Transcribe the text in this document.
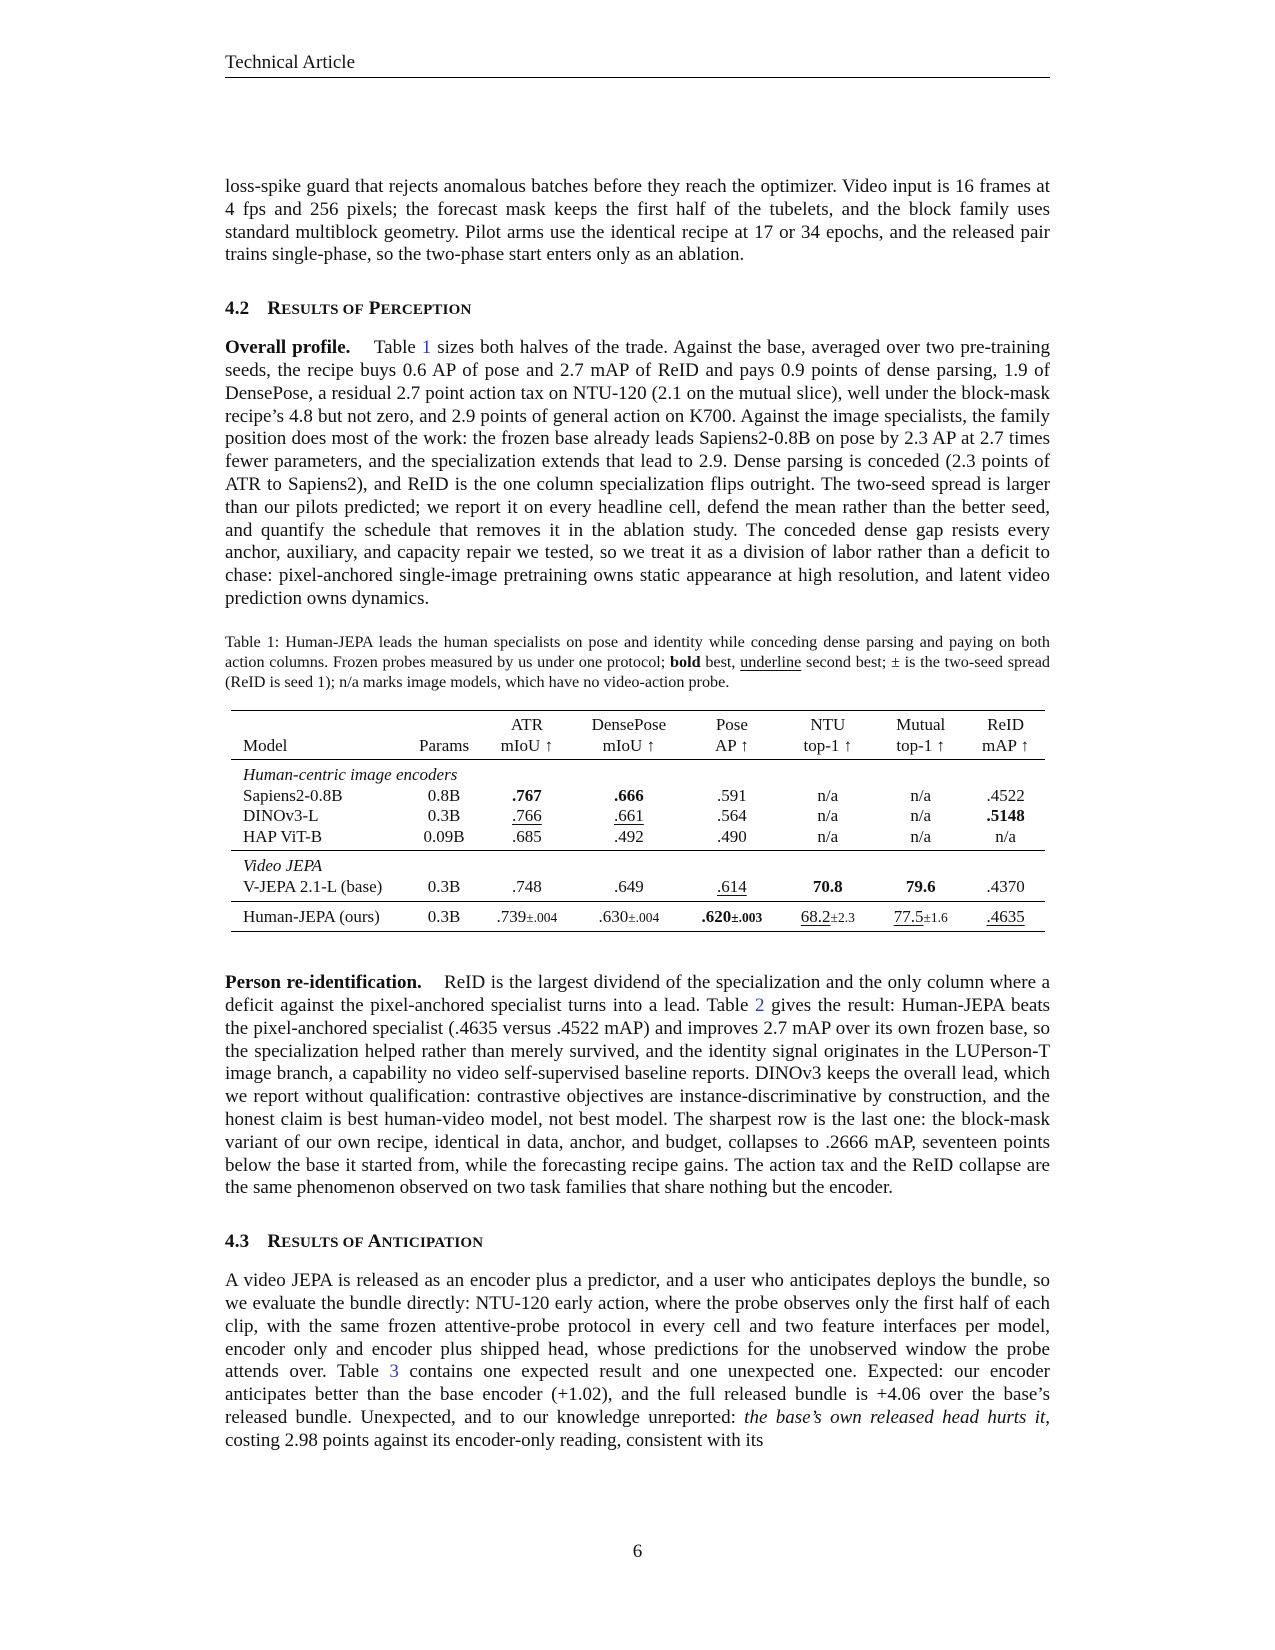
Technical Article

loss-spike guard that rejects anomalous batches before they reach the optimizer. Video input is 16 frames at 4 fps and 256 pixels; the forecast mask keeps the first half of the tubelets, and the block family uses standard multiblock geometry. Pilot arms use the identical recipe at 17 or 34 epochs, and the released pair trains single-phase, so the two-phase start enters only as an ablation.

4.2 RESULTS OF PERCEPTION

Overall profile. Table 1 sizes both halves of the trade. Against the base, averaged over two pre-training seeds, the recipe buys 0.6 AP of pose and 2.7 mAP of ReID and pays 0.9 points of dense parsing, 1.9 of DensePose, a residual 2.7 point action tax on NTU-120 (2.1 on the mutual slice), well under the block-mask recipe’s 4.8 but not zero, and 2.9 points of general action on K700. Against the image specialists, the family position does most of the work: the frozen base already leads Sapiens2-0.8B on pose by 2.3 AP at 2.7 times fewer parameters, and the specialization extends that lead to 2.9. Dense parsing is conceded (2.3 points of ATR to Sapiens2), and ReID is the one column specialization flips outright. The two-seed spread is larger than our pilots predicted; we report it on every headline cell, defend the mean rather than the better seed, and quantify the schedule that removes it in the ablation study. The conceded dense gap resists every anchor, auxiliary, and capacity repair we tested, so we treat it as a division of labor rather than a deficit to chase: pixel-anchored single-image pretraining owns static appearance at high resolution, and latent video prediction owns dynamics.

Table 1: Human-JEPA leads the human specialists on pose and identity while conceding dense parsing and paying on both action columns. Frozen probes measured by us under one protocol; bold best, underline second best; ± is the two-seed spread (ReID is seed 1); n/a marks image models, which have no video-action probe.

		ATR	DensePose	Pose	NTU	Mutual	ReID
Model	Params	mIoU ↑	mIoU ↑	AP ↑	top-1 ↑	top-1 ↑	mAP ↑
Human-centric image encoders							
Sapiens2-0.8B	0.8B	.767	.666	.591	n/a	n/a	.4522
DINOv3-L	0.3B	.766	.661	.564	n/a	n/a	.5148
HAP ViT-B	0.09B	.685	.492	.490	n/a	n/a	n/a
Video JEPA							
V-JEPA 2.1-L (base)	0.3B	.748	.649	.614	70.8	79.6	.4370
Human-JEPA (ours)	0.3B	.739±.004	.630±.004	.620±.003	68.2±2.3	77.5±1.6	.4635

Person re-identification. ReID is the largest dividend of the specialization and the only column where a deficit against the pixel-anchored specialist turns into a lead. Table 2 gives the result: Human-JEPA beats the pixel-anchored specialist (.4635 versus .4522 mAP) and improves 2.7 mAP over its own frozen base, so the specialization helped rather than merely survived, and the identity signal originates in the LUPerson-T image branch, a capability no video self-supervised baseline reports. DINOv3 keeps the overall lead, which we report without qualification: contrastive objectives are instance-discriminative by construction, and the honest claim is best human-video model, not best model. The sharpest row is the last one: the block-mask variant of our own recipe, identical in data, anchor, and budget, collapses to .2666 mAP, seventeen points below the base it started from, while the forecasting recipe gains. The action tax and the ReID collapse are the same phenomenon observed on two task families that share nothing but the encoder.

4.3 RESULTS OF ANTICIPATION

A video JEPA is released as an encoder plus a predictor, and a user who anticipates deploys the bundle, so we evaluate the bundle directly: NTU-120 early action, where the probe observes only the first half of each clip, with the same frozen attentive-probe protocol in every cell and two feature interfaces per model, encoder only and encoder plus shipped head, whose predictions for the unobserved window the probe attends over. Table 3 contains one expected result and one unexpected one. Expected: our encoder anticipates better than the base encoder (+1.02), and the full released bundle is +4.06 over the base’s released bundle. Unexpected, and to our knowledge unreported: the base’s own released head hurts it, costing 2.98 points against its encoder-only reading, consistent with its

6
